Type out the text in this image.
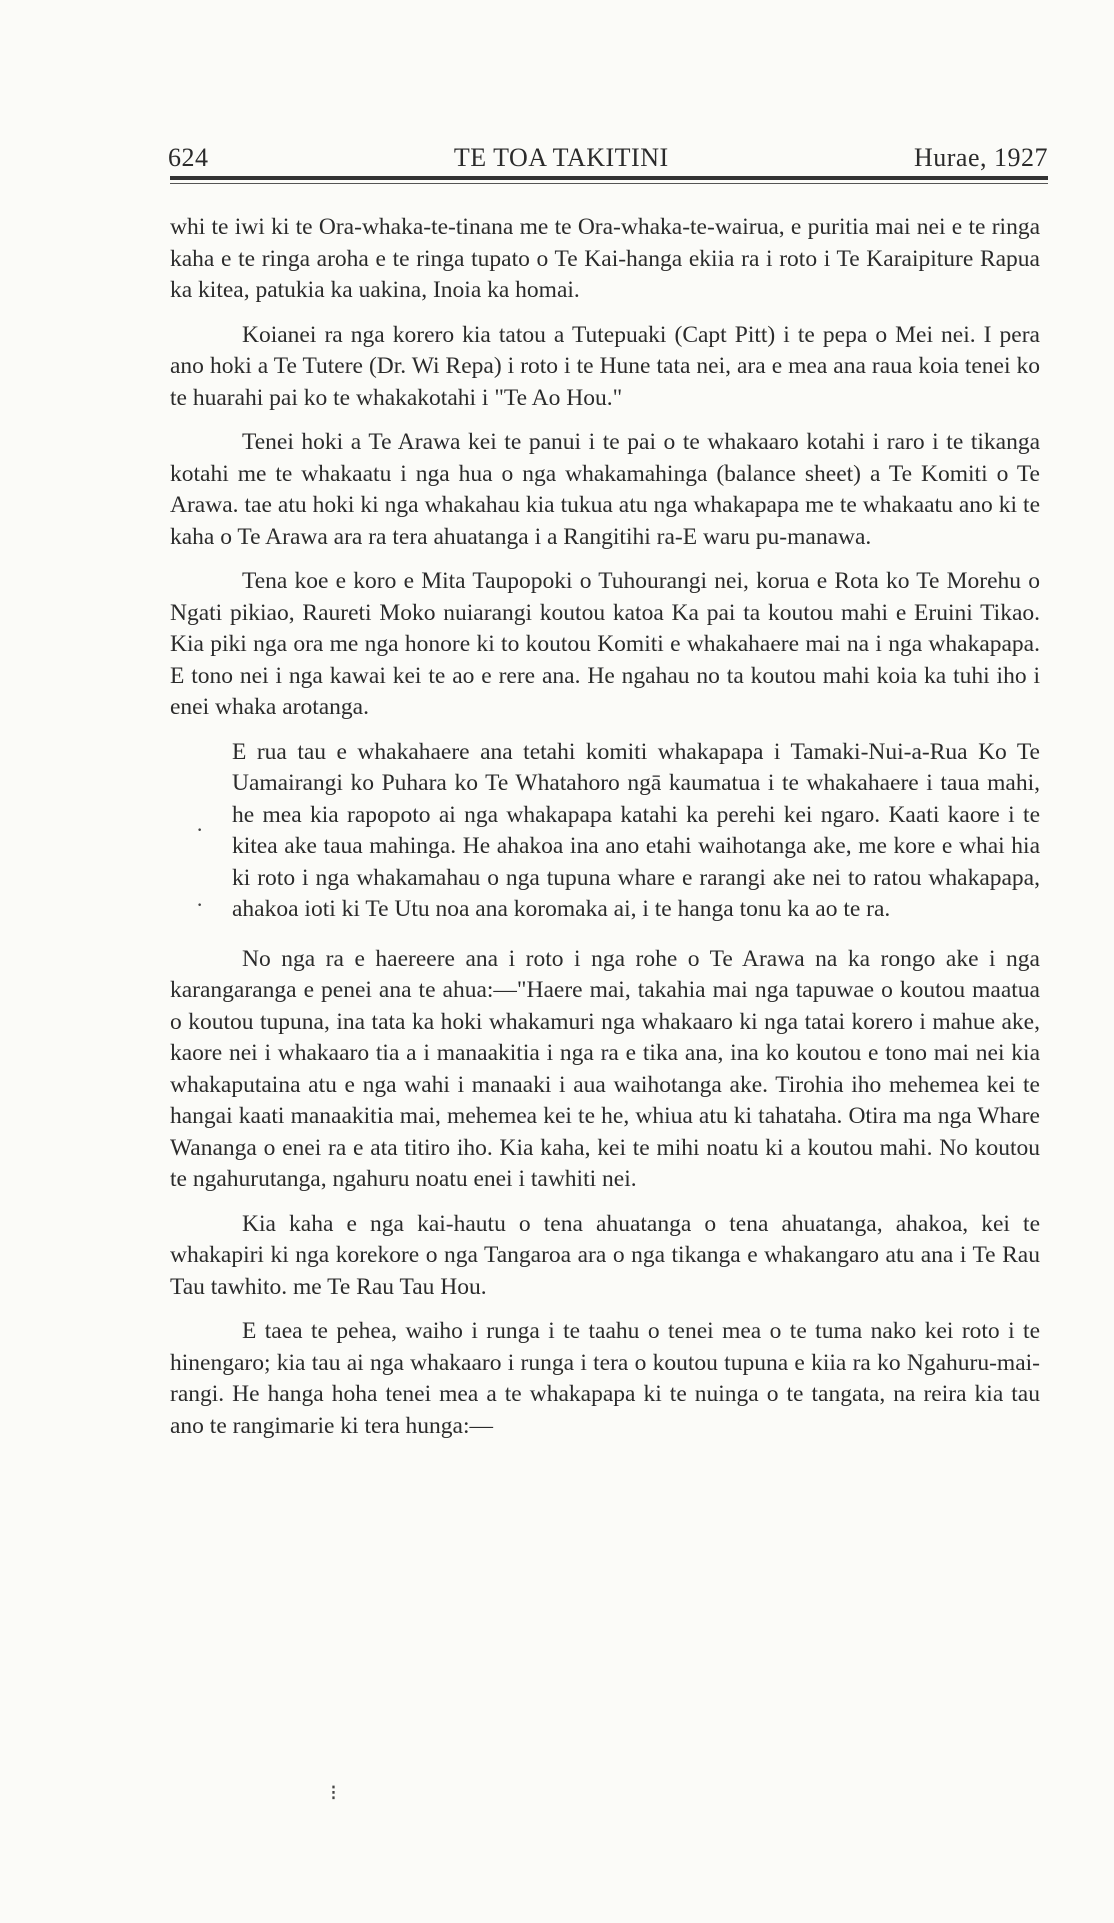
624	TE TOA TAKITINI	Hurae, 1927

whi te iwi ki te Ora-whaka-te-tinana me te Ora-whaka-te-wairua, e puritia mai nei e te ringa kaha e te ringa aroha e te ringa tupato o Te Kai-hanga ekiia ra i roto i Te Karaipiture Rapua ka kitea, patukia ka uakina, Inoia ka homai.

Koianei ra nga korero kia tatou a Tutepuaki (Capt Pitt) i te pepa o Mei nei. I pera ano hoki a Te Tutere (Dr. Wi Repa) i roto i te Hune tata nei, ara e mea ana raua koia tenei ko te huarahi pai ko te whakakotahi i "Te Ao Hou."

Tenei hoki a Te Arawa kei te panui i te pai o te whakaaro kotahi i raro i te tikanga kotahi me te whakaatu i nga hua o nga whakamahinga (balance sheet) a Te Komiti o Te Arawa. tae atu hoki ki nga whakahau kia tukua atu nga whakapapa me te whakaatu ano ki te kaha o Te Arawa ara ra tera ahuatanga i a Rangitihi ra-E waru pu-manawa.

Tena koe e koro e Mita Taupopoki o Tuhourangi nei, korua e Rota ko Te Morehu o Ngati pikiao, Raureti Moko nuiarangi koutou katoa Ka pai ta koutou mahi e Eruini Tikao. Kia piki nga ora me nga honore ki to koutou Komiti e whakahaere mai na i nga whakapapa. E tono nei i nga kawai kei te ao e rere ana. He ngahau no ta koutou mahi koia ka tuhi iho i enei whaka arotanga.

E rua tau e whakahaere ana tetahi komiti whakapapa i Tamaki-Nui-a-Rua Ko Te Uamairangi ko Puhara ko Te Whatahoro ngā kaumatua i te whakahaere i taua mahi, he mea kia rapopoto ai nga whakapapa katahi ka perehi kei ngaro. Kaati kaore i te kitea ake taua mahinga. He ahakoa ina ano etahi waihotanga ake, me kore e whai hia ki roto i nga whakamahau o nga tupuna whare e rarangi ake nei to ratou whakapapa, ahakoa ioti ki Te Utu noa ana koromaka ai, i te hanga tonu ka ao te ra.

No nga ra e haereere ana i roto i nga rohe o Te Arawa na ka rongo ake i nga karangaranga e penei ana te ahua:—"Haere mai, takahia mai nga tapuwae o koutou maatua o koutou tupuna, ina tata ka hoki whakamuri nga whakaaro ki nga tatai korero i mahue ake, kaore nei i whakaaro tia a i manaakitia i nga ra e tika ana, ina ko koutou e tono mai nei kia whakaputaina atu e nga wahi i manaaki i aua waihotanga ake. Tirohia iho mehemea kei te hangai kaati manaakitia mai, mehemea kei te he, whiua atu ki tahataha. Otira ma nga Whare Wananga o enei ra e ata titiro iho. Kia kaha, kei te mihi noatu ki a koutou mahi. No koutou te ngahurutanga, ngahuru noatu enei i tawhiti nei.

Kia kaha e nga kai-hautu o tena ahuatanga o tena ahuatanga, ahakoa, kei te whakapiri ki nga korekore o nga Tangaroa ara o nga tikanga e whakangaro atu ana i Te Rau Tau tawhito. me Te Rau Tau Hou.

E taea te pehea, waiho i runga i te taahu o tenei mea o te tuma nako kei roto i te hinengaro; kia tau ai nga whakaaro i runga i tera o koutou tupuna e kiia ra ko Ngahuru-mai-rangi. He hanga hoha tenei mea a te whakapapa ki te nuinga o te tangata, na reira kia tau ano te rangimarie ki tera hunga:—

·
·
⁝
